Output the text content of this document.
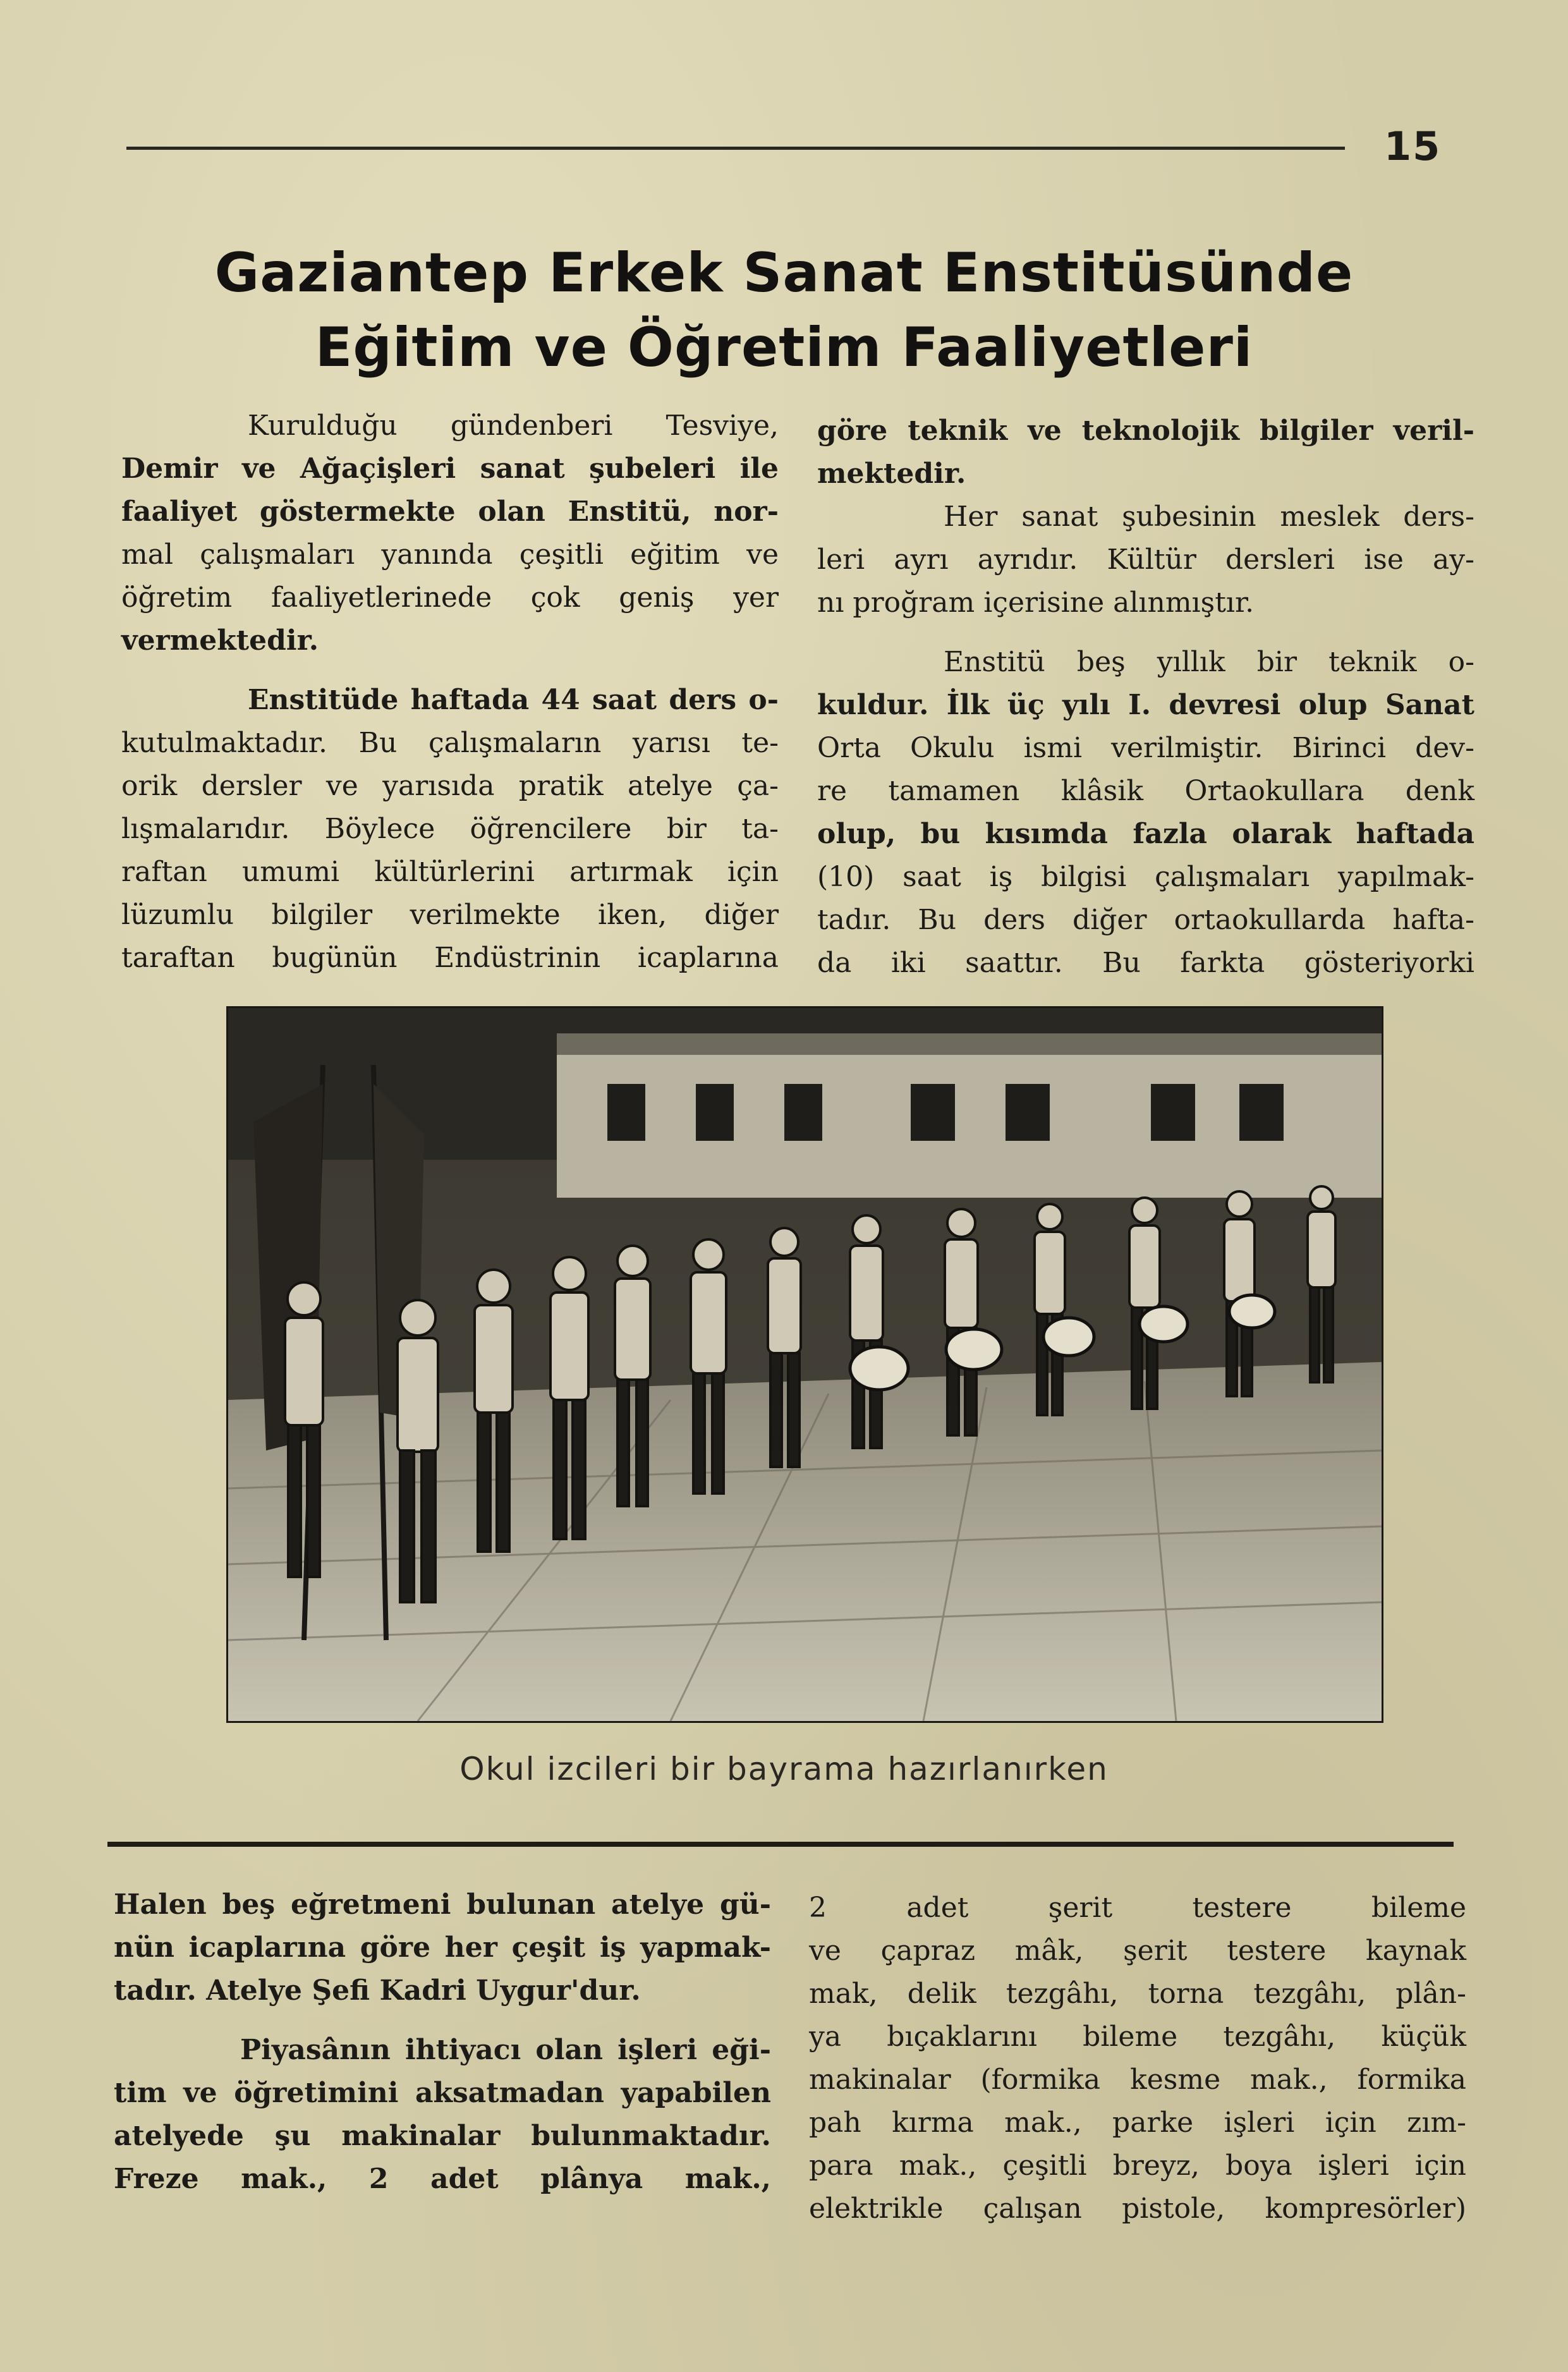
15
Gaziantep Erkek Sanat Enstitüsünde
Eğitim ve Öğretim Faaliyetleri

Kurulduğu gündenberi Tesviye,

Demir ve Ağaçişleri sanat şubeleri ile

faaliyet göstermekte olan Enstitü, nor-

mal çalışmaları yanında çeşitli eğitim ve

öğretim faaliyetlerinede çok geniş yer

vermektedir.

Enstitüde haftada 44 saat ders o-

kutulmaktadır. Bu çalışmaların yarısı te-

orik dersler ve yarısıda pratik atelye ça-

lışmalarıdır. Böylece öğrencilere bir ta-

raftan umumi kültürlerini artırmak için

lüzumlu bilgiler verilmekte iken, diğer

taraftan bugünün Endüstrinin icaplarına

göre teknik ve teknolojik bilgiler veril-

mektedir.

Her sanat şubesinin meslek ders-

leri ayrı ayrıdır. Kültür dersleri ise ay-

nı proğram içerisine alınmıştır.

Enstitü beş yıllık bir teknik o-

kuldur. İlk üç yılı I. devresi olup Sanat

Orta Okulu ismi verilmiştir. Birinci dev-

re tamamen klâsik Ortaokullara denk

olup, bu kısımda fazla olarak haftada

(10) saat iş bilgisi çalışmaları yapılmak-

tadır. Bu ders diğer ortaokullarda hafta-

da iki saattır. Bu farkta gösteriyorki

Okul izcileri bir bayrama hazırlanırken

Halen beş eğretmeni bulunan atelye gü-

nün icaplarına göre her çeşit iş yapmak-

tadır. Atelye Şefi Kadri Uygur'dur.

Piyasânın ihtiyacı olan işleri eği-

tim ve öğretimini aksatmadan yapabilen

atelyede şu makinalar bulunmaktadır.

Freze mak., 2 adet plânya mak.,

2 adet şerit testere bileme

ve çapraz mâk, şerit testere kaynak

mak, delik tezgâhı, torna tezgâhı, plân-

ya bıçaklarını bileme tezgâhı, küçük

makinalar (formika kesme mak., formika

pah kırma mak., parke işleri için zım-

para mak., çeşitli breyz, boya işleri için

elektrikle çalışan pistole, kompresörler)
